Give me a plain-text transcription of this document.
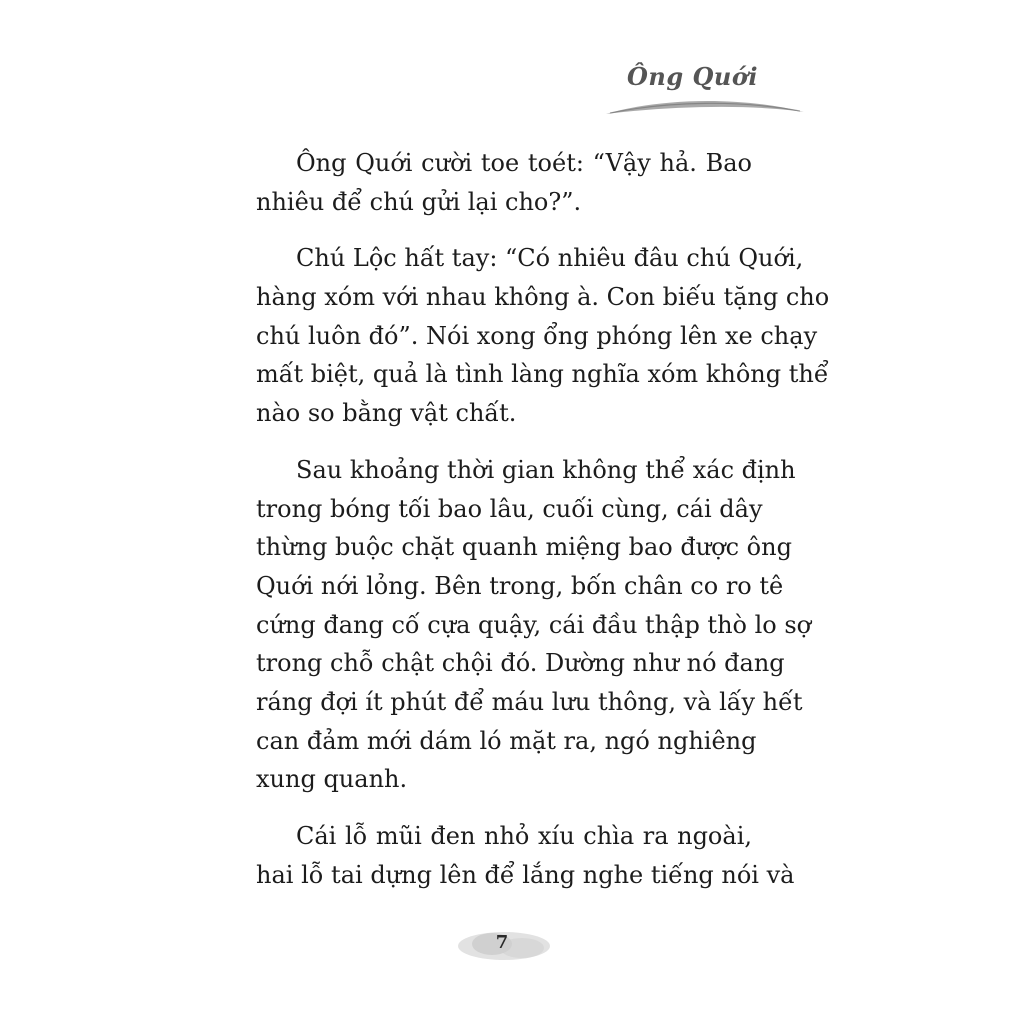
Ông Quới
Ông Quới cười toe toét: “Vậy hả. Bao
nhiêu để chú gửi lại cho?”.
Chú Lộc hất tay: “Có nhiêu đâu chú Quới,
hàng xóm với nhau không à. Con biếu tặng cho
chú luôn đó”. Nói xong ổng phóng lên xe chạy
mất biệt, quả là tình làng nghĩa xóm không thể
nào so bằng vật chất.
Sau khoảng thời gian không thể xác định
trong bóng tối bao lâu, cuối cùng, cái dây
thừng buộc chặt quanh miệng bao được ông
Quới nới lỏng. Bên trong, bốn chân co ro tê
cứng đang cố cựa quậy, cái đầu thập thò lo sợ
trong chỗ chật chội đó. Dường như nó đang
ráng đợi ít phút để máu lưu thông, và lấy hết
can đảm mới dám ló mặt ra, ngó nghiêng
xung quanh.
Cái lỗ mũi đen nhỏ xíu chìa ra ngoài,
hai lỗ tai dựng lên để lắng nghe tiếng nói và
7
